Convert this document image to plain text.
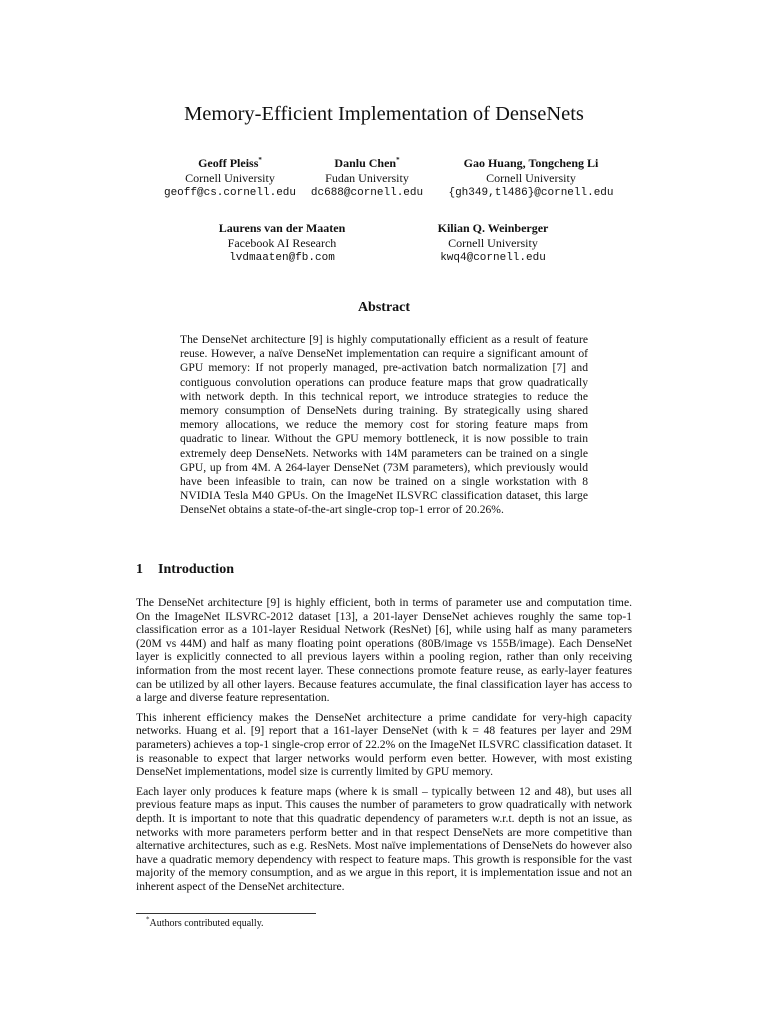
Memory-Efficient Implementation of DenseNets
Geoff Pleiss*
Cornell University
geoff@cs.cornell.edu
Danlu Chen*
Fudan University
dc688@cornell.edu
Gao Huang, Tongcheng Li
Cornell University
{gh349,tl486}@cornell.edu
Laurens van der Maaten
Facebook AI Research
lvdmaaten@fb.com
Kilian Q. Weinberger
Cornell University
kwq4@cornell.edu
Abstract
The DenseNet architecture [9] is highly computationally efficient as a result of feature reuse. However, a naïve DenseNet implementation can require a significant amount of GPU memory: If not properly managed, pre-activation batch normalization [7] and contiguous convolution operations can produce feature maps that grow quadratically with network depth. In this technical report, we introduce strategies to reduce the memory consumption of DenseNets during training. By strategically using shared memory allocations, we reduce the memory cost for storing feature maps from quadratic to linear. Without the GPU memory bottleneck, it is now possible to train extremely deep DenseNets. Networks with 14M parameters can be trained on a single GPU, up from 4M. A 264-layer DenseNet (73M parameters), which previously would have been infeasible to train, can now be trained on a single workstation with 8 NVIDIA Tesla M40 GPUs. On the ImageNet ILSVRC classification dataset, this large DenseNet obtains a state-of-the-art single-crop top-1 error of 20.26%.
1 Introduction

The DenseNet architecture [9] is highly efficient, both in terms of parameter use and computation time. On the ImageNet ILSVRC-2012 dataset [13], a 201-layer DenseNet achieves roughly the same top-1 classification error as a 101-layer Residual Network (ResNet) [6], while using half as many parameters (20M vs 44M) and half as many floating point operations (80B/image vs 155B/image). Each DenseNet layer is explicitly connected to all previous layers within a pooling region, rather than only receiving information from the most recent layer. These connections promote feature reuse, as early-layer features can be utilized by all other layers. Because features accumulate, the final classification layer has access to a large and diverse feature representation.

This inherent efficiency makes the DenseNet architecture a prime candidate for very-high capacity networks. Huang et al. [9] report that a 161-layer DenseNet (with k = 48 features per layer and 29M parameters) achieves a top-1 single-crop error of 22.2% on the ImageNet ILSVRC classification dataset. It is reasonable to expect that larger networks would perform even better. However, with most existing DenseNet implementations, model size is currently limited by GPU memory.

Each layer only produces k feature maps (where k is small – typically between 12 and 48), but uses all previous feature maps as input. This causes the number of parameters to grow quadratically with network depth. It is important to note that this quadratic dependency of parameters w.r.t. depth is not an issue, as networks with more parameters perform better and in that respect DenseNets are more competitive than alternative architectures, such as e.g. ResNets. Most naïve implementations of DenseNets do however also have a quadratic memory dependency with respect to feature maps. This growth is responsible for the vast majority of the memory consumption, and as we argue in this report, it is implementation issue and not an inherent aspect of the DenseNet architecture.

*Authors contributed equally.
